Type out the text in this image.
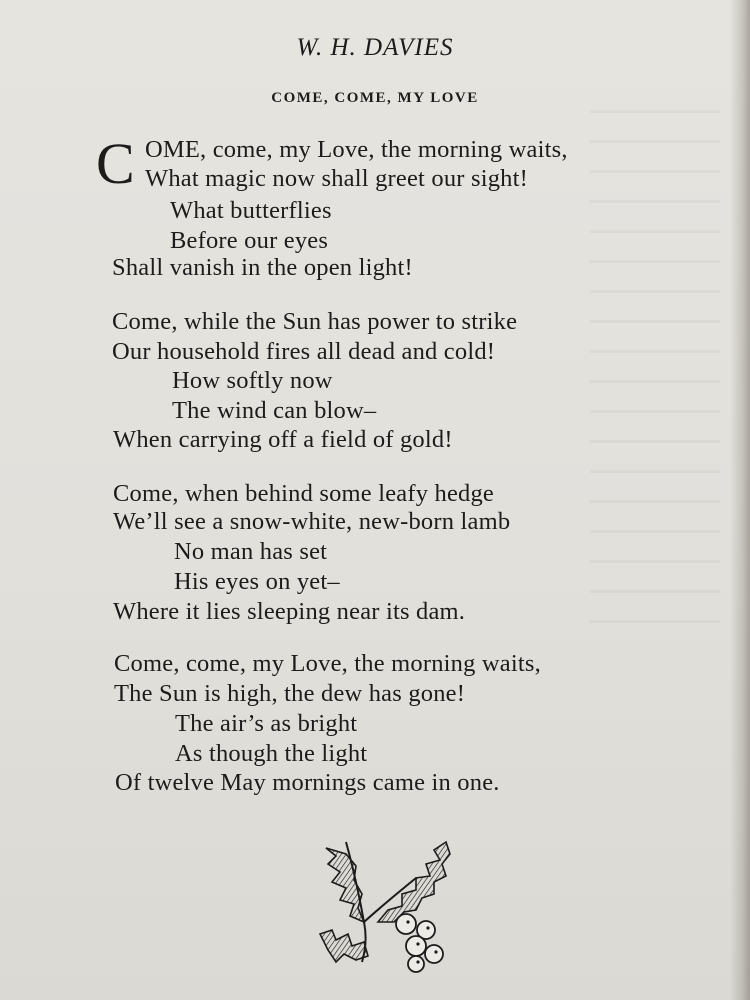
W. H. DAVIES
COME, COME, MY LOVE
C OME, come, my Love, the morning waits,
What magic now shall greet our sight!
What butterflies
Before our eyes
Shall vanish in the open light!
Come, while the Sun has power to strike
Our household fires all dead and cold!
How softly now
The wind can blow–
When carrying off a field of gold!
Come, when behind some leafy hedge
We’ll see a snow-white, new-born lamb
No man has set
His eyes on yet–
Where it lies sleeping near its dam.
Come, come, my Love, the morning waits,
The Sun is high, the dew has gone!
The air’s as bright
As though the light
Of twelve May mornings came in one.
